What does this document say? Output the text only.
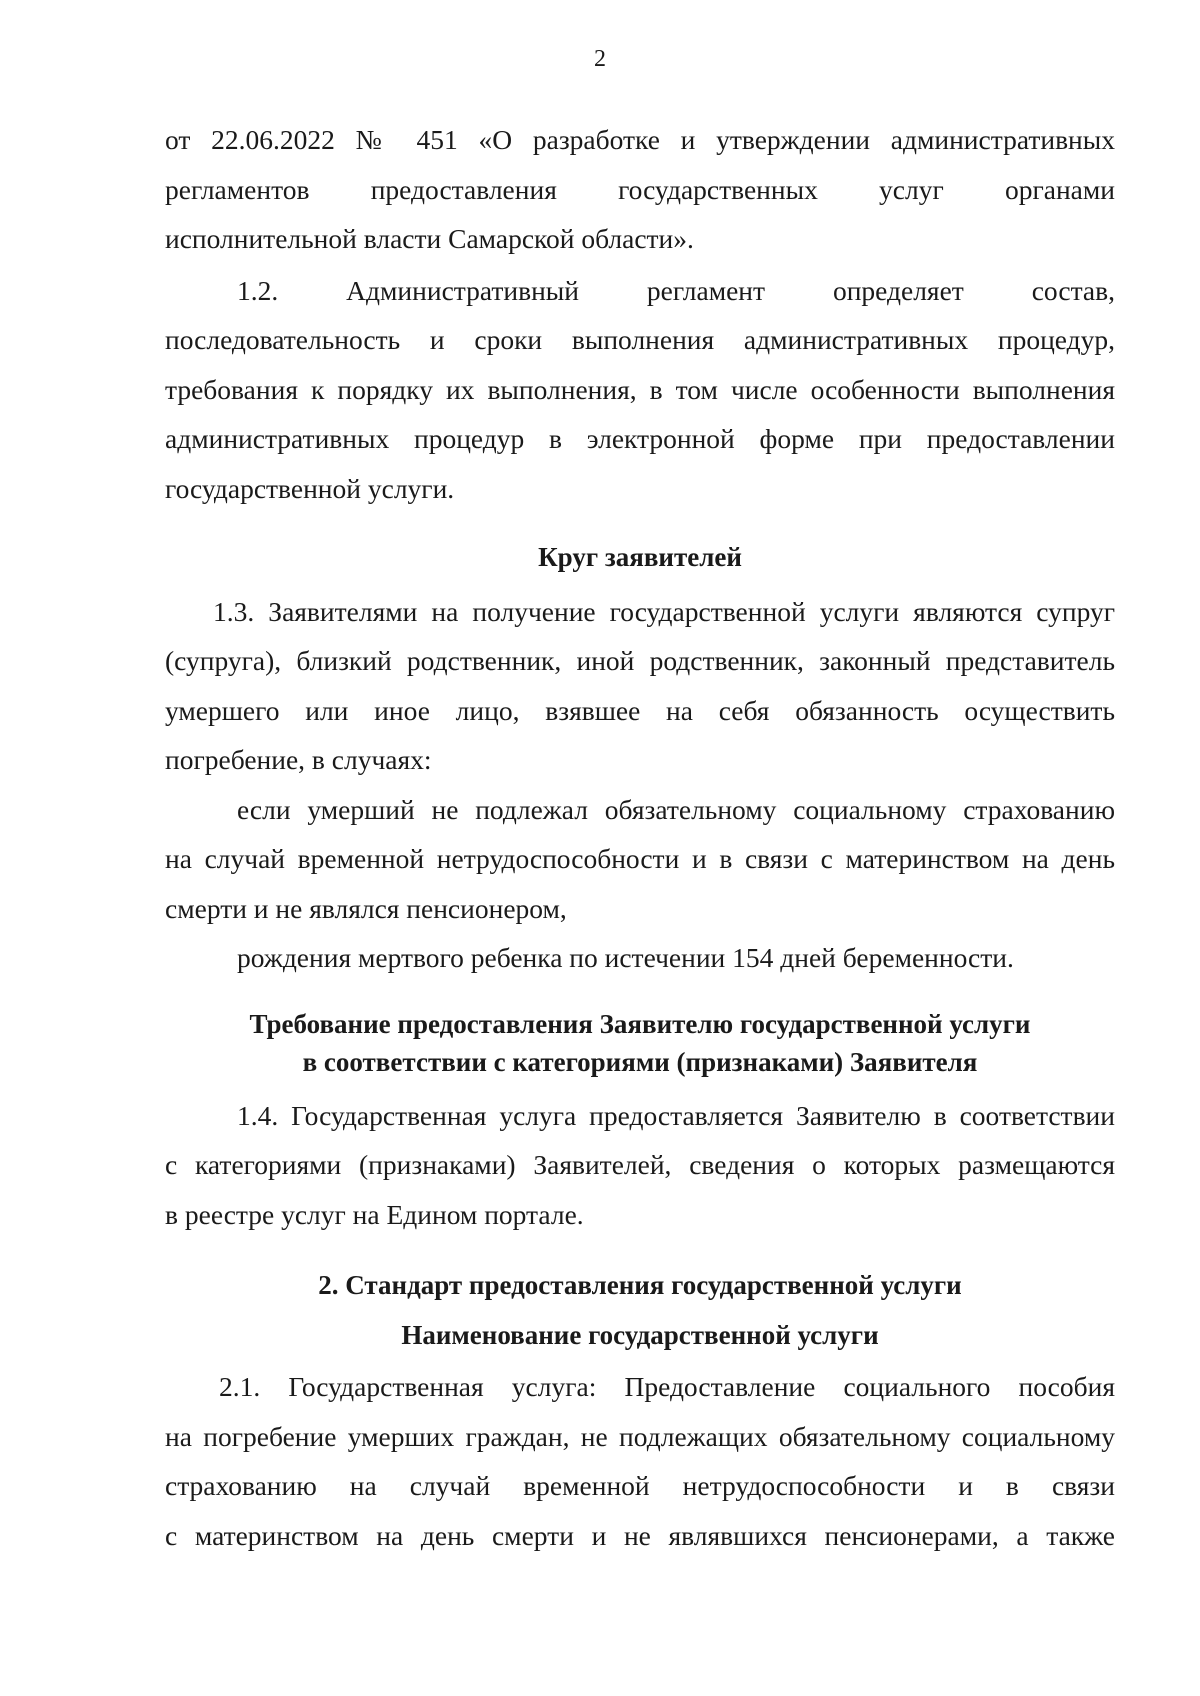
2
от 22.06.2022 № 451 «О разработке и утверждении административных
регламентов предоставления государственных услуг органами
исполнительной власти Самарской области».
1.2. Административный регламент определяет состав,
последовательность и сроки выполнения административных процедур,
требования к порядку их выполнения, в том числе особенности выполнения
административных процедур в электронной форме при предоставлении
государственной услуги.
Круг заявителей
1.3. Заявителями на получение государственной услуги являются супруг
(супруга), близкий родственник, иной родственник, законный представитель
умершего или иное лицо, взявшее на себя обязанность осуществить
погребение, в случаях:
если умерший не подлежал обязательному социальному страхованию
на случай временной нетрудоспособности и в связи с материнством на день
смерти и не являлся пенсионером,
рождения мертвого ребенка по истечении 154 дней беременности.
Требование предоставления Заявителю государственной услуги
в соответствии с категориями (признаками) Заявителя
1.4. Государственная услуга предоставляется Заявителю в соответствии
с категориями (признаками) Заявителей, сведения о которых размещаются
в реестре услуг на Едином портале.
2. Стандарт предоставления государственной услуги
Наименование государственной услуги
2.1. Государственная услуга: Предоставление социального пособия
на погребение умерших граждан, не подлежащих обязательному социальному
страхованию на случай временной нетрудоспособности и в связи
с материнством на день смерти и не являвшихся пенсионерами, а также
